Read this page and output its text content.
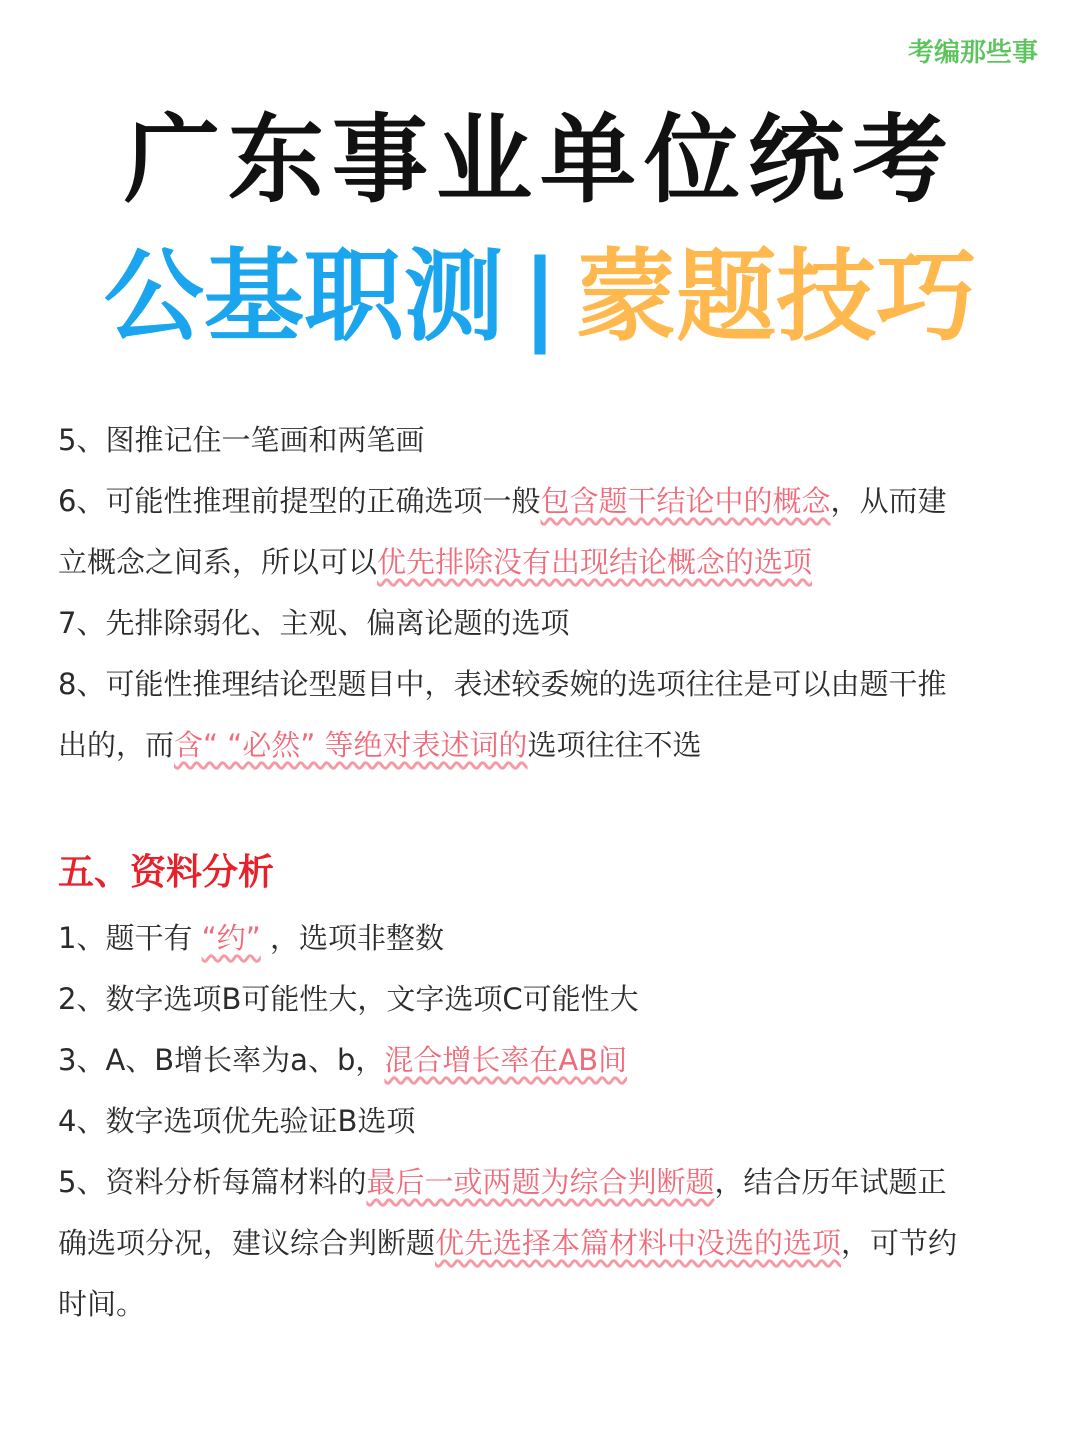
考编那些事
广东事业单位统考
公基职测 | 蒙题技巧
5、图推记住一笔画和两笔画
6、可能性推理前提型的正确选项一般包含题干结论中的概念，从而建
立概念之间系，所以可以优先排除没有出现结论概念的选项
7、先排除弱化、主观、偏离论题的选项
8、可能性推理结论型题目中，表述较委婉的选项往往是可以由题干推
出的，而含“ “必然” 等绝对表述词的选项往往不选
五、资料分析
1、题干有 “约” ，选项非整数
2、数字选项B可能性大，文字选项C可能性大
3、A、B增长率为a、b，混合增长率在AB间
4、数字选项优先验证B选项
5、资料分析每篇材料的最后一或两题为综合判断题，结合历年试题正
确选项分况，建议综合判断题优先选择本篇材料中没选的选项，可节约
时间。
